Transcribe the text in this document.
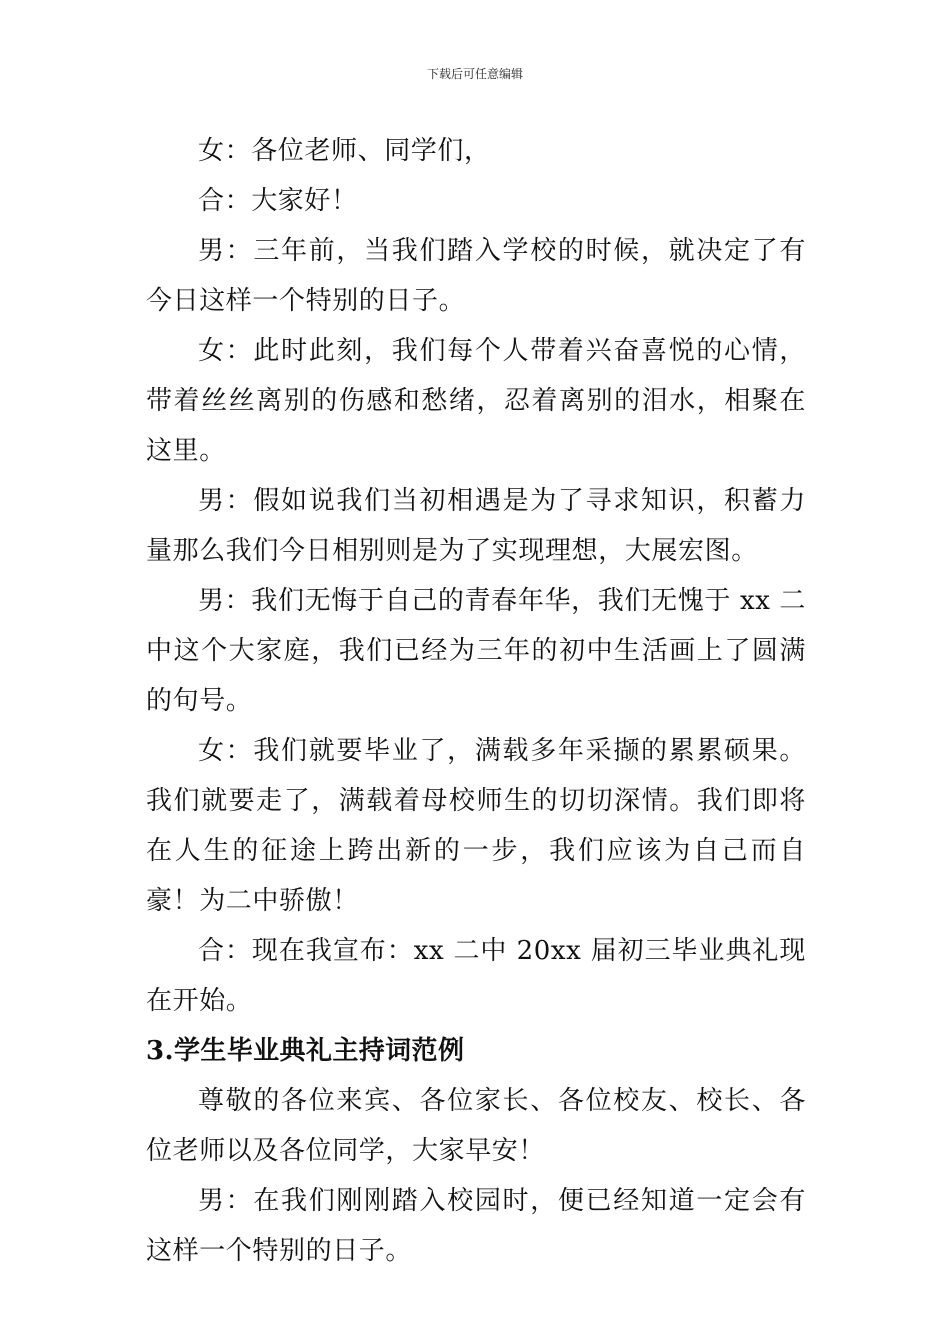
下载后可任意编辑

女：各位老师、同学们，

合：大家好！

男：三年前，当我们踏入学校的时候，就决定了有今日这样一个特别的日子。

女：此时此刻，我们每个人带着兴奋喜悦的心情，带着丝丝离别的伤感和愁绪，忍着离别的泪水，相聚在这里。

男：假如说我们当初相遇是为了寻求知识，积蓄力量那么我们今日相别则是为了实现理想，大展宏图。

男：我们无悔于自己的青春年华，我们无愧于 xx 二中这个大家庭，我们已经为三年的初中生活画上了圆满的句号。

女：我们就要毕业了，满载多年采撷的累累硕果。我们就要走了，满载着母校师生的切切深情。我们即将在人生的征途上跨出新的一步，我们应该为自己而自豪！为二中骄傲！

合：现在我宣布：xx 二中 20xx 届初三毕业典礼现在开始。

3.学生毕业典礼主持词范例

尊敬的各位来宾、各位家长、各位校友、校长、各位老师以及各位同学，大家早安！

男：在我们刚刚踏入校园时，便已经知道一定会有这样一个特别的日子。
